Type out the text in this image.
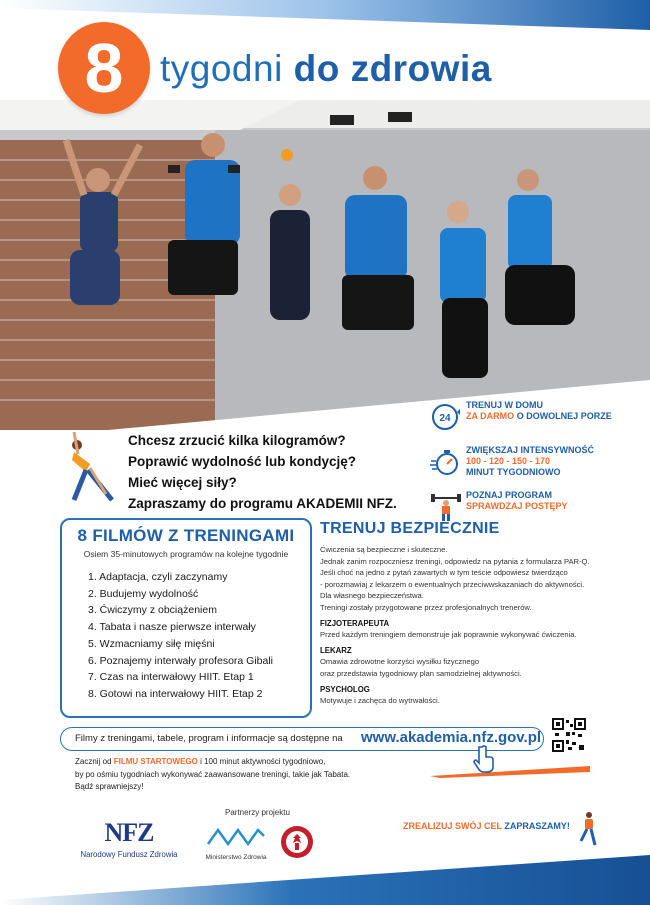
8 tygodni do zdrowia
24
TRENUJ W DOMU
ZA DARMO O DOWOLNEJ PORZE
ZWIĘKSZAJ INTENSYWNOŚĆ
100 - 120 - 150 - 170
MINUT TYGODNIOWO
POZNAJ PROGRAM
SPRAWDZAJ POSTĘPY
Chcesz zrzucić kilka kilogramów?
Poprawić wydolność lub kondycję?
Mieć więcej siły?
Zapraszamy do programu AKADEMII NFZ.
8 FILMÓW Z TRENINGAMI
Osiem 35-minutowych programów na kolejne tygodnie
1. Adaptacja, czyli zaczynamy
2. Budujemy wydolność
3. Ćwiczymy z obciążeniem
4. Tabata i nasze pierwsze interwały
5. Wzmacniamy siłę mięśni
6. Poznajemy interwały profesora Gibali
7. Czas na interwałowy HIIT. Etap 1
8. Gotowi na interwałowy HIIT. Etap 2
TRENUJ BEZPIECZNIE

Ćwiczenia są bezpieczne i skuteczne.

Jednak zanim rozpoczniesz treningi, odpowiedz na pytania z formularza PAR-Q.

Jeśli choć na jedno z pytań zawartych w tym teście odpowiesz twierdząco

- porozmawiaj z lekarzem o ewentualnych przeciwwskazaniach do aktywności.

Dla własnego bezpieczeństwa.

Treningi zostały przygotowane przez profesjonalnych trenerów.

FIZJOTERAPEUTA

Przed każdym treningiem demonstruje jak poprawnie wykonywać ćwiczenia.

LEKARZ

Omawia zdrowotne korzyści wysiłku fizycznego

oraz przedstawia tygodniowy plan samodzielnej aktywności.

PSYCHOLOG

Motywuje i zachęca do wytrwałości.

Filmy z treningami, tabele, program i informacje są dostępne na www.akademia.nfz.gov.pl

Zacznij od FILMU STARTOWEGO i 100 minut aktywności tygodniowo,

by po ośmiu tygodniach wykonywać zaawansowane treningi, takie jak Tabata.

Bądź sprawniejszy!

Partnerzy projektu
NFZ
Narodowy Fundusz Zdrowia	Ministerstwo Zdrowia
ZREALIZUJ SWÓJ CEL ZAPRASZAMY!
